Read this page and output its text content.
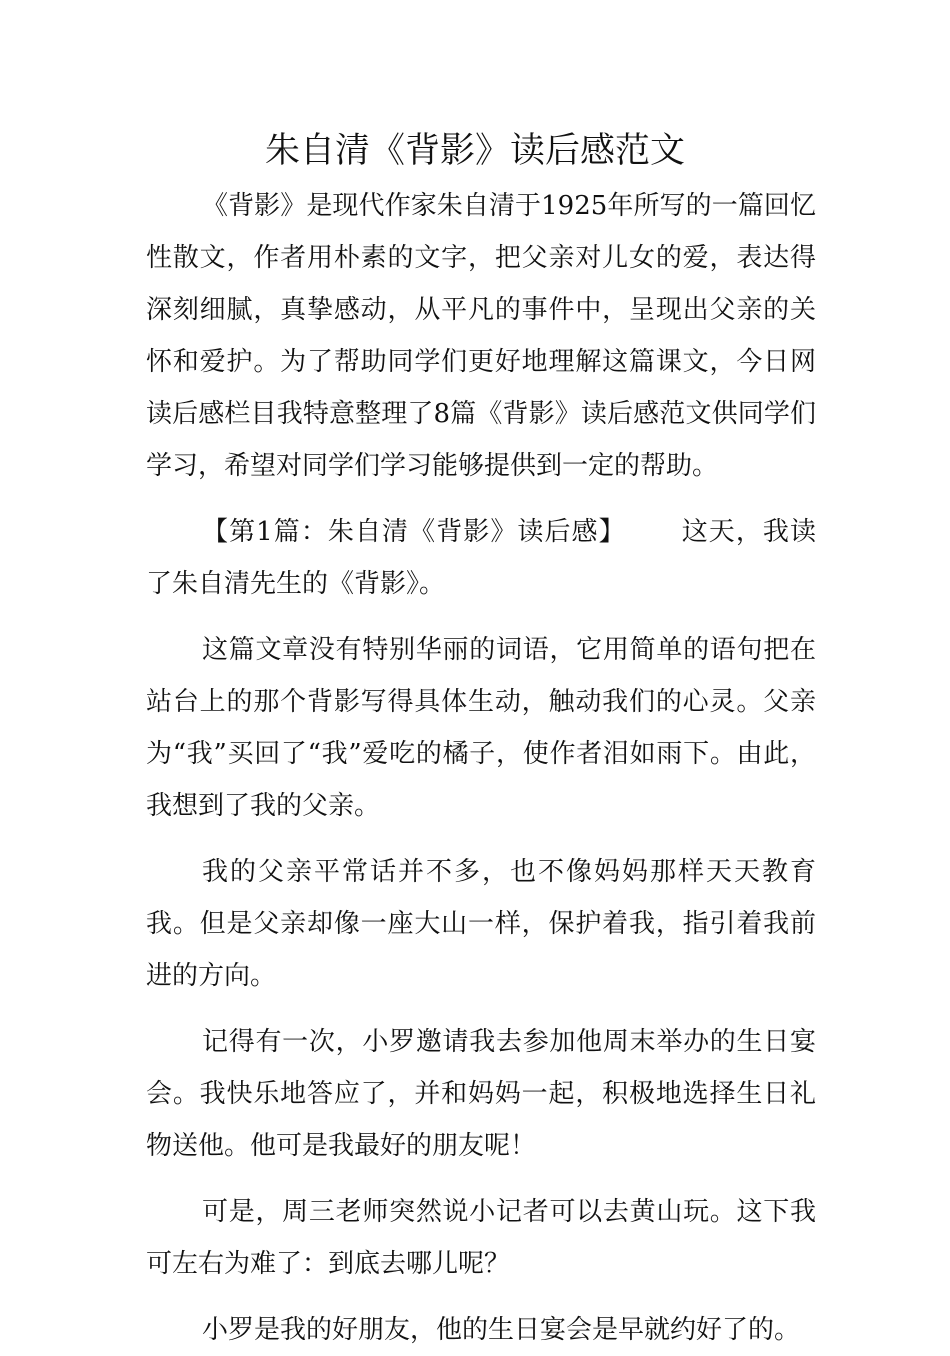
朱自清《背影》读后感范文

《背影》是现代作家朱自清于1925年所写的一篇回忆性散文，作者用朴素的文字，把父亲对儿女的爱，表达得深刻细腻，真挚感动，从平凡的事件中，呈现出父亲的关怀和爱护。为了帮助同学们更好地理解这篇课文，今日网读后感栏目我特意整理了8篇《背影》读后感范文供同学们学习，希望对同学们学习能够提供到一定的帮助。

【第1篇：朱自清《背影》读后感】 这天，我读了朱自清先生的《背影》。

这篇文章没有特别华丽的词语，它用简单的语句把在站台上的那个背影写得具体生动，触动我们的心灵。父亲为“我”买回了“我”爱吃的橘子，使作者泪如雨下。由此，我想到了我的父亲。

我的父亲平常话并不多，也不像妈妈那样天天教育我。但是父亲却像一座大山一样，保护着我，指引着我前进的方向。

记得有一次，小罗邀请我去参加他周末举办的生日宴会。我快乐地答应了，并和妈妈一起，积极地选择生日礼物送他。他可是我最好的朋友呢！

可是，周三老师突然说小记者可以去黄山玩。这下我可左右为难了：到底去哪儿呢？

小罗是我的好朋友，他的生日宴会是早就约好了的。
